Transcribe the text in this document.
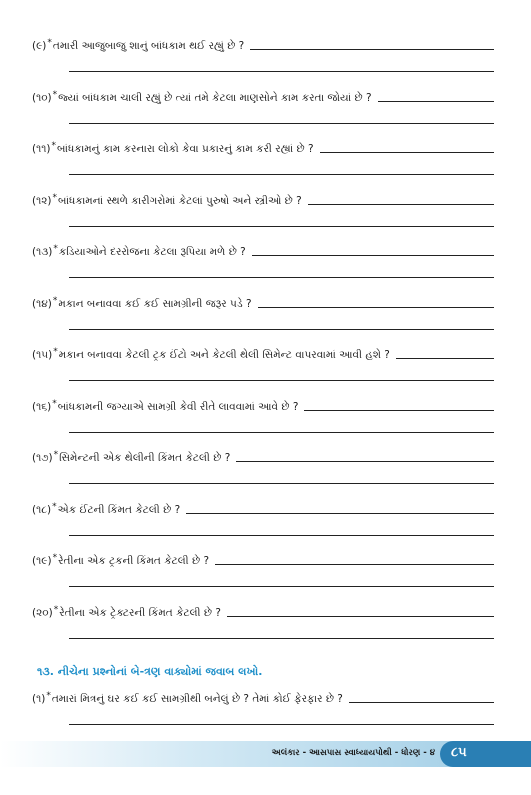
(૯)*તમારી આજુબાજુ શાનું બાંધકામ થઈ રહ્યું છે ?
(૧૦)*જ્યાં બાંધકામ ચાલી રહ્યું છે ત્યાં તમે કેટલા માણસોને કામ કરતા જોયાં છે ?
(૧૧)*બાંધકામનું કામ કરનારા લોકો કેવા પ્રકારનું કામ કરી રહ્યાં છે ?
(૧૨)*બાંધકામનાં સ્થળે કારીગરોમાં કેટલાં પુરુષો અને સ્ત્રીઓ છે ?
(૧૩)*કડિયાઓને દરરોજના કેટલા રૂપિયા મળે છે ?
(૧૪)*મકાન બનાવવા કઈ કઈ સામગ્રીની જરૂર પડે ?
(૧૫)*મકાન બનાવવા કેટલી ટ્રક ઈંટો અને કેટલી થેલી સિમેન્ટ વાપરવામાં આવી હશે ?
(૧૬)*બાંધકામની જગ્યાએ સામગ્રી કેવી રીતે લાવવામાં આવે છે ?
(૧૭)*સિમેન્ટની એક થેલીની કિંમત કેટલી છે ?
(૧૮)*એક ઈંટની કિંમત કેટલી છે ?
(૧૯)*રેતીના એક ટ્રકની કિંમત કેટલી છે ?
(૨૦)*રેતીના એક ટ્રેક્ટરની કિંમત કેટલી છે ?
૧૩. નીચેના પ્રશ્નોનાં બે-ત્રણ વાક્યોમાં જવાબ લખો.
(૧)*તમારાં મિત્રનું ઘર કઈ કઈ સામગ્રીથી બનેલું છે ? તેમાં કોઈ ફેરફાર છે ?
અલંકાર - આસપાસ સ્વાધ્યાયપોથી - ધોરણ - ૪ ૮૫
